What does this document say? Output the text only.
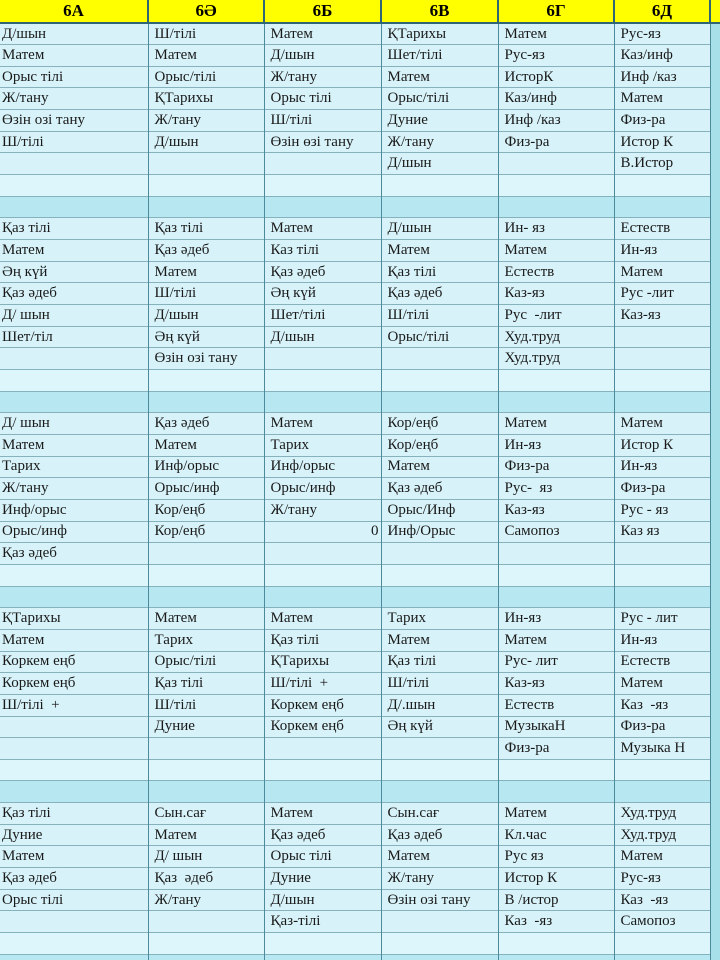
6А	6Ә	6Б	6В	6Г	6Д	
Д/шын	Ш/тілі	Матем	ҚТарихы	Матем	Рус-яз	
Матем	Матем	Д/шын	Шет/тілі	Рус-яз	Каз/инф	
Орыс тілі	Орыс/тілі	Ж/тану	Матем	ИсторК	Инф /каз	
Ж/тану	ҚТарихы	Орыс тілі	Орыс/тілі	Каз/инф	Матем	
Өзін озі тану	Ж/тану	Ш/тілі	Дуние	Инф /каз	Физ-ра	
Ш/тілі	Д/шын	Өзін өзі тану	Ж/тану	Физ-ра	Истор К	
			Д/шын		В.Истор	

Қаз тілі	Қаз тілі	Матем	Д/шын	Ин- яз	Естеств	
Матем	Қаз әдеб	Каз тілі	Матем	Матем	Ин-яз	
Әң күй	Матем	Қаз әдеб	Қаз тілі	Естеств	Матем	
Қаз әдеб	Ш/тілі	Әң күй	Қаз әдеб	Каз-яз	Рус -лит	
Д/ шын	Д/шын	Шет/тілі	Ш/тілі	Рус  -лит	Каз-яз	
Шет/тіл	Әң күй	Д/шын	Орыс/тілі	Худ.труд		
	Өзін озі тану			Худ.труд		

Д/ шын	Қаз әдеб	Матем	Кор/еңб	Матем	Матем	
Матем	Матем	Тарих	Кор/еңб	Ин-яз	Истор К	
Тарих	Инф/орыс	Инф/орыс	Матем	Физ-ра	Ин-яз	
Ж/тану	Орыс/инф	Орыс/инф	Қаз әдеб	Рус-  яз	Физ-ра	
Инф/орыс	Кор/еңб	Ж/тану	Орыс/Инф	Каз-яз	Рус - яз	
Орыс/инф	Кор/еңб	0	Инф/Орыс	Самопоз	Каз яз	
Қаз әдеб						

ҚТарихы	Матем	Матем	Тарих	Ин-яз	Рус - лит	
Матем	Тарих	Қаз тілі	Матем	Матем	Ин-яз	
Коркем еңб	Орыс/тілі	ҚТарихы	Қаз тілі	Рус- лит	Естеств	
Коркем еңб	Қаз тілі	Ш/тілі  +	Ш/тілі	Каз-яз	Матем	
Ш/тілі  +	Ш/тілі	Коркем еңб	Д/.шын	Естеств	Каз  -яз	
	Дуние	Коркем еңб	Әң күй	МузыкаН	Физ-ра	
				Физ-ра	Музыка Н	

Қаз тілі	Сын.сағ	Матем	Сын.сағ	Матем	Худ.труд	
Дуние	Матем	Қаз әдеб	Қаз әдеб	Кл.час	Худ.труд	
Матем	Д/ шын	Орыс тілі	Матем	Рус яз	Матем	
Қаз әдеб	Қаз  әдеб	Дуние	Ж/тану	Истор К	Рус-яз	
Орыс тілі	Ж/тану	Д/шын	Өзін озі тану	В /истор	Каз  -яз	
		Қаз-тілі		Каз  -яз	Самопоз	
